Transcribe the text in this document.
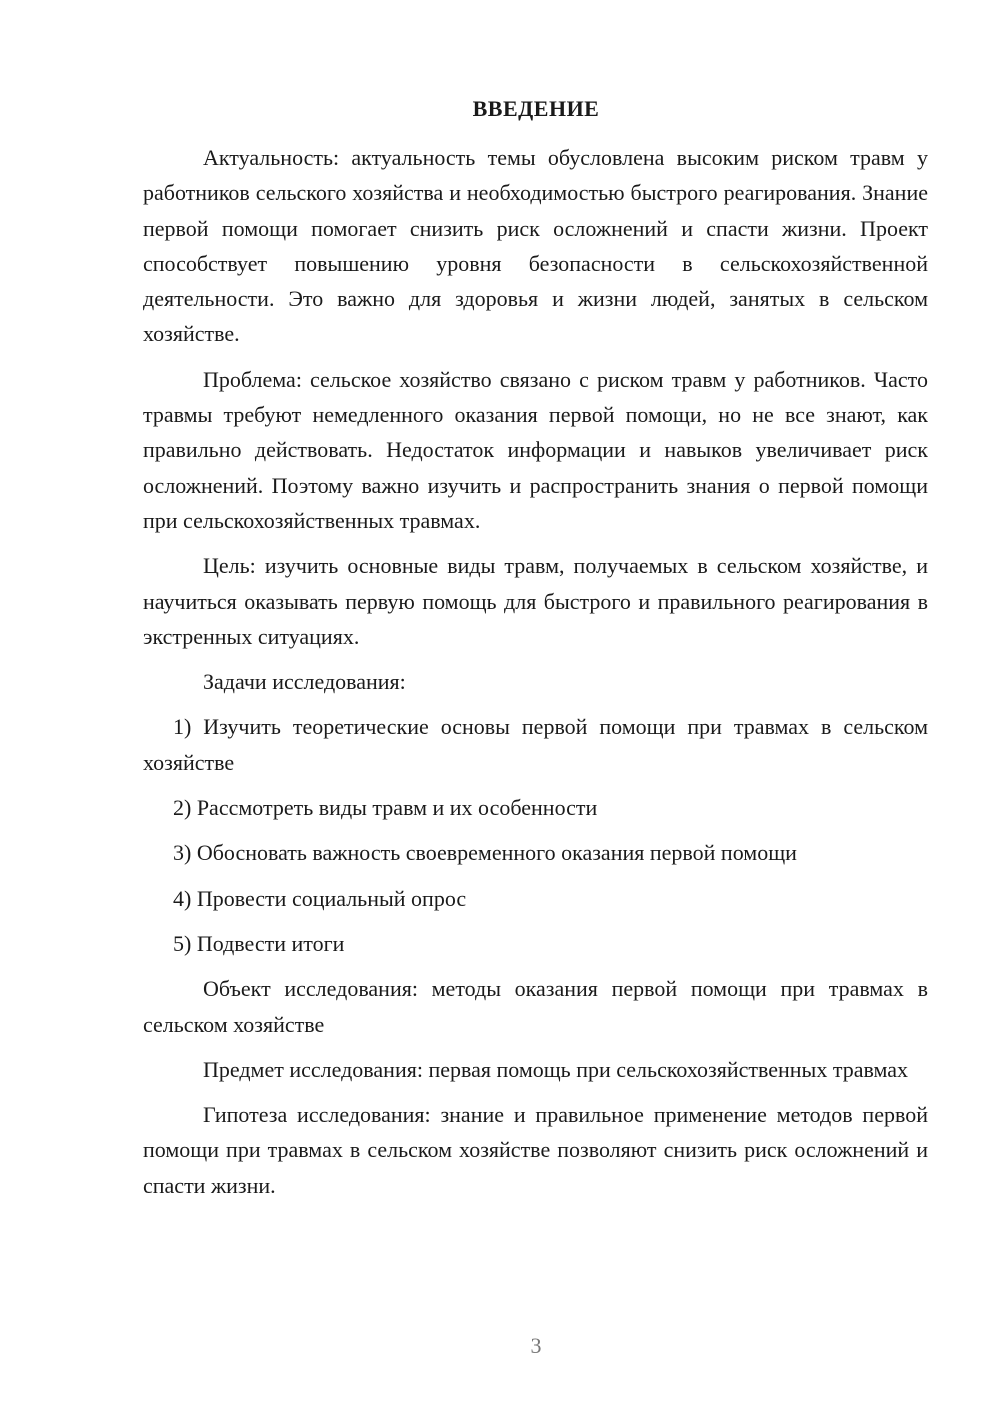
ВВЕДЕНИЕ

Актуальность: актуальность темы обусловлена высоким риском травм у работников сельского хозяйства и необходимостью быстрого реагирования. Знание первой помощи помогает снизить риск осложнений и спасти жизни. Проект способствует повышению уровня безопасности в сельскохозяйственной деятельности. Это важно для здоровья и жизни людей, занятых в сельском хозяйстве.

Проблема: сельское хозяйство связано с риском травм у работников. Часто травмы требуют немедленного оказания первой помощи, но не все знают, как правильно действовать. Недостаток информации и навыков увеличивает риск осложнений. Поэтому важно изучить и распространить знания о первой помощи при сельскохозяйственных травмах.

Цель: изучить основные виды травм, получаемых в сельском хозяйстве, и научиться оказывать первую помощь для быстрого и правильного реагирования в экстренных ситуациях.

Задачи исследования:

1) Изучить теоретические основы первой помощи при травмах в сельском хозяйстве

2) Рассмотреть виды травм и их особенности

3) Обосновать важность своевременного оказания первой помощи

4) Провести социальный опрос

5) Подвести итоги

Объект исследования: методы оказания первой помощи при травмах в сельском хозяйстве

Предмет исследования: первая помощь при сельскохозяйственных травмах

Гипотеза исследования: знание и правильное применение методов первой помощи при травмах в сельском хозяйстве позволяют снизить риск осложнений и спасти жизни.

3
